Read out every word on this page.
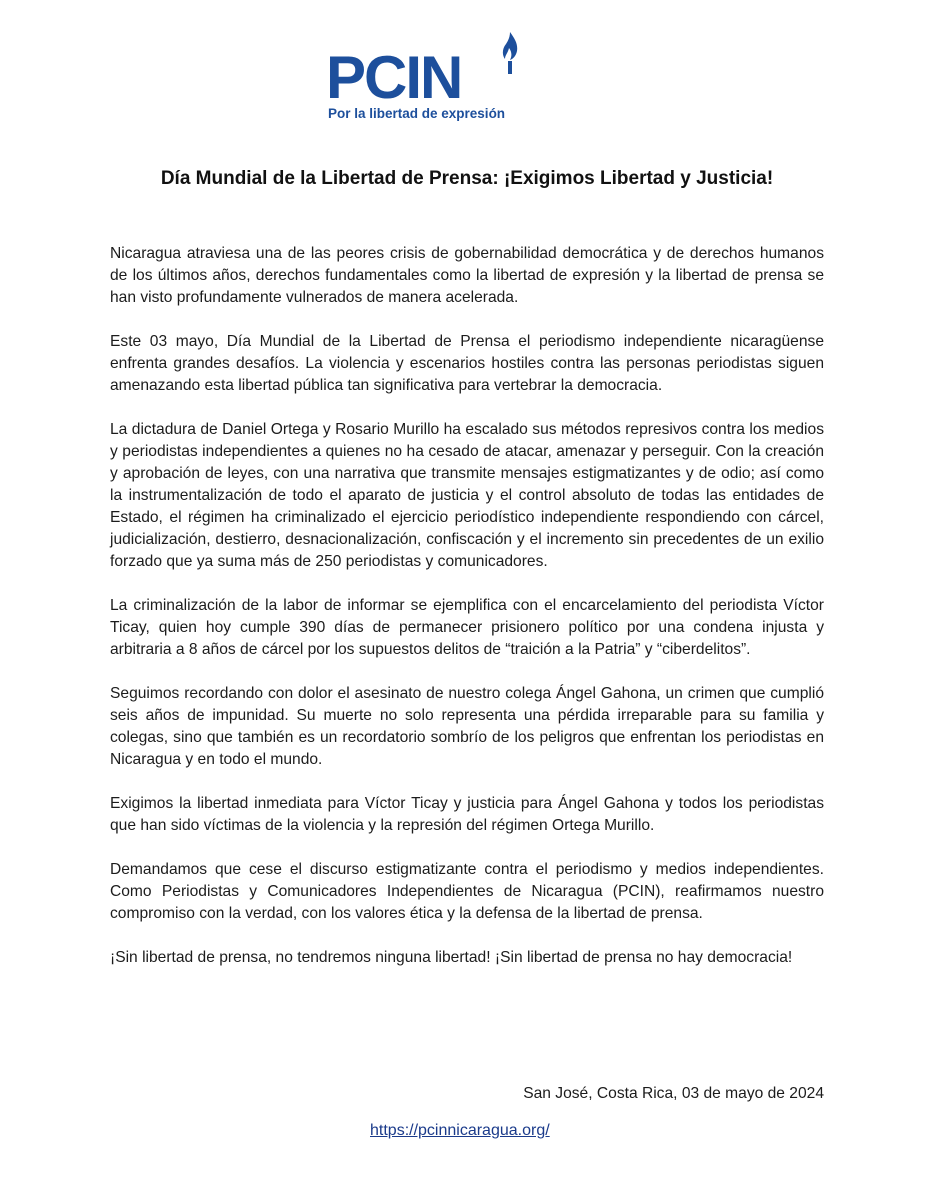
PCIN
Por la libertad de expresión
Día Mundial de la Libertad de Prensa: ¡Exigimos Libertad y Justicia!

Nicaragua atraviesa una de las peores crisis de gobernabilidad democrática y de derechos humanos de los últimos años, derechos fundamentales como la libertad de expresión y la libertad de prensa se han visto profundamente vulnerados de manera acelerada.

Este 03 mayo, Día Mundial de la Libertad de Prensa el periodismo independiente nicaragüense enfrenta grandes desafíos. La violencia y escenarios hostiles contra las personas periodistas siguen amenazando esta libertad pública tan significativa para vertebrar la democracia.

La dictadura de Daniel Ortega y Rosario Murillo ha escalado sus métodos represivos contra los medios y periodistas independientes a quienes no ha cesado de atacar, amenazar y perseguir. Con la creación y aprobación de leyes, con una narrativa que transmite mensajes estigmatizantes y de odio; así como la instrumentalización de todo el aparato de justicia y el control absoluto de todas las entidades de Estado, el régimen ha criminalizado el ejercicio periodístico independiente respondiendo con cárcel, judicialización, destierro, desnacionalización, confiscación y el incremento sin precedentes de un exilio forzado que ya suma más de 250 periodistas y comunicadores.

La criminalización de la labor de informar se ejemplifica con el encarcelamiento del periodista Víctor Ticay, quien hoy cumple 390 días de permanecer prisionero político por una condena injusta y arbitraria a 8 años de cárcel por los supuestos delitos de “traición a la Patria” y “ciberdelitos”.

Seguimos recordando con dolor el asesinato de nuestro colega Ángel Gahona, un crimen que cumplió seis años de impunidad. Su muerte no solo representa una pérdida irreparable para su familia y colegas, sino que también es un recordatorio sombrío de los peligros que enfrentan los periodistas en Nicaragua y en todo el mundo.

Exigimos la libertad inmediata para Víctor Ticay y justicia para Ángel Gahona y todos los periodistas que han sido víctimas de la violencia y la represión del régimen Ortega Murillo.

Demandamos que cese el discurso estigmatizante contra el periodismo y medios independientes. Como Periodistas y Comunicadores Independientes de Nicaragua (PCIN), reafirmamos nuestro compromiso con la verdad, con los valores ética y la defensa de la libertad de prensa.

¡Sin libertad de prensa, no tendremos ninguna libertad! ¡Sin libertad de prensa no hay democracia!

San José, Costa Rica, 03 de mayo de 2024
https://pcinnicaragua.org/
